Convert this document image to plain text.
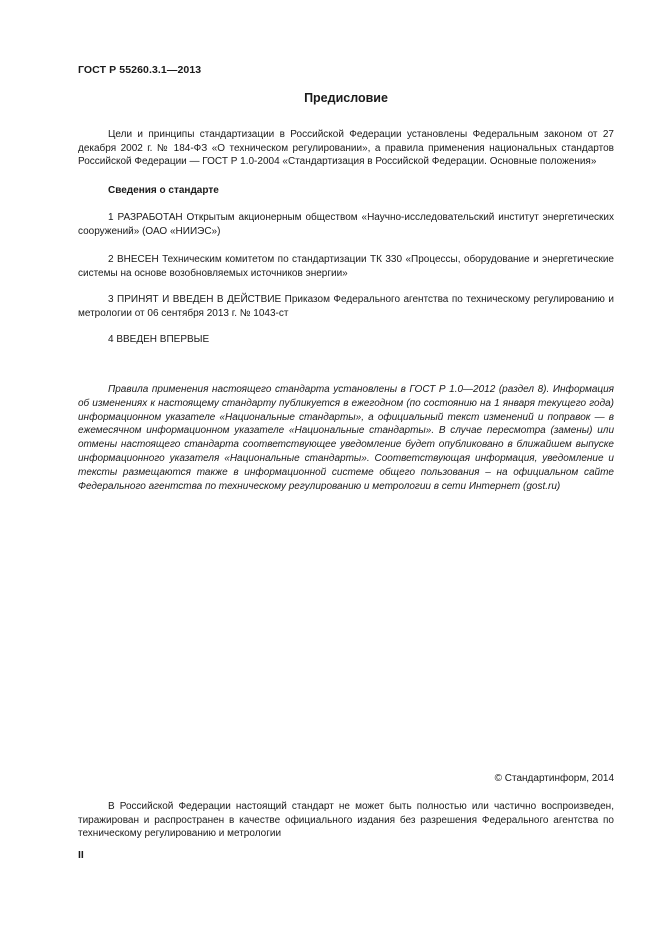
ГОСТ Р 55260.3.1—2013
Предисловие

Цели и принципы стандартизации в Российской Федерации установлены Федеральным законом от 27 декабря 2002 г. № 184-ФЗ «О техническом регулировании», а правила применения национальных стандартов Российской Федерации — ГОСТ Р 1.0-2004 «Стандартизация в Российской Федерации. Основные положения»

Сведения о стандарте

1 РАЗРАБОТАН Открытым акционерным обществом «Научно-исследовательский институт энергетических сооружений» (ОАО «НИИЭС»)

2 ВНЕСЕН Техническим комитетом по стандартизации ТК 330 «Процессы, оборудование и энергетические системы на основе возобновляемых источников энергии»

3 ПРИНЯТ И ВВЕДЕН В ДЕЙСТВИЕ Приказом Федерального агентства по техническому регулированию и метрологии от 06 сентября 2013 г. № 1043-ст

4 ВВЕДЕН ВПЕРВЫЕ

Правила применения настоящего стандарта установлены в ГОСТ Р 1.0—2012 (раздел 8). Информация об изменениях к настоящему стандарту публикуется в ежегодном (по состоянию на 1 января текущего года) информационном указателе «Национальные стандарты», а официальный текст изменений и поправок — в ежемесячном информационном указателе «Национальные стандарты». В случае пересмотра (замены) или отмены настоящего стандарта соответствующее уведомление будет опубликовано в ближайшем выпуске информационного указателя «Национальные стандарты». Соответствующая информация, уведомление и тексты размещаются также в информационной системе общего пользования – на официальном сайте Федерального агентства по техническому регулированию и метрологии в сети Интернет (gost.ru)

© Стандартинформ, 2014

В Российской Федерации настоящий стандарт не может быть полностью или частично воспроизведен, тиражирован и распространен в качестве официального издания без разрешения Федерального агентства по техническому регулированию и метрологии

II
